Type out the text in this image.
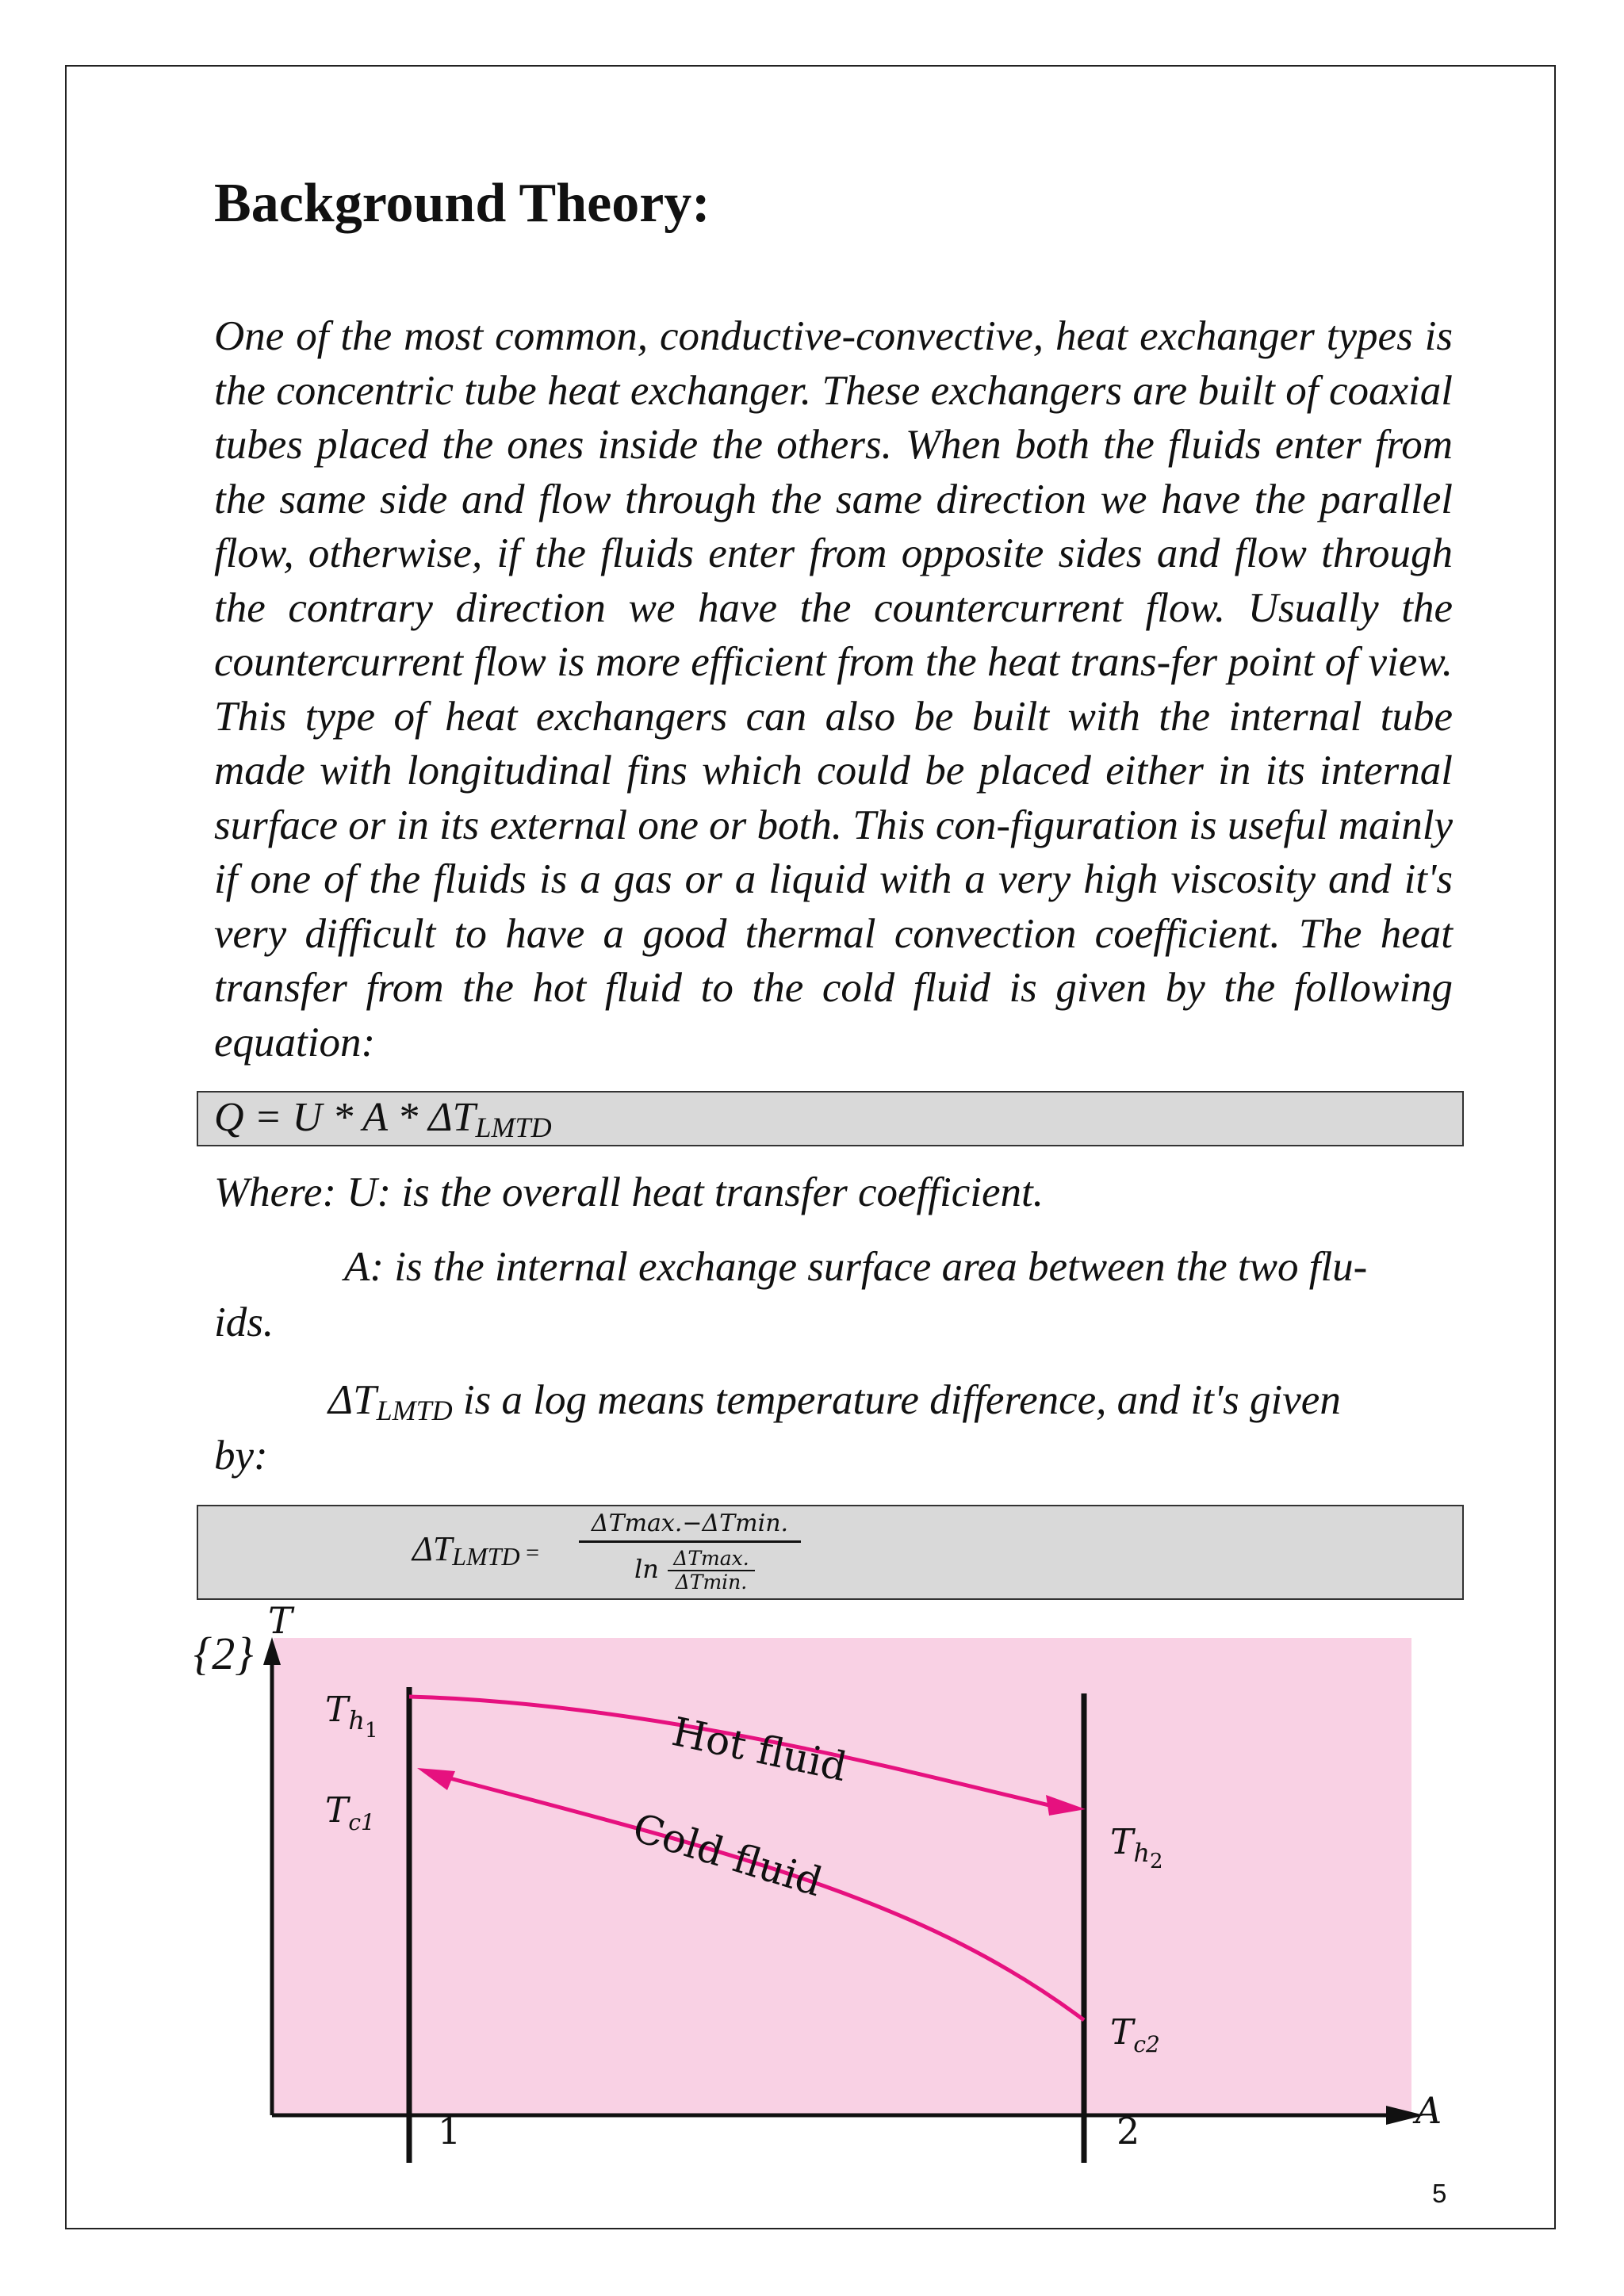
Background Theory:

One of the most common, conductive-convective, heat exchanger types is the concentric tube heat exchanger. These exchangers are built of coaxial tubes placed the ones inside the others. When both the fluids enter from the same side and flow through the same direction we have the parallel flow, otherwise, if the fluids enter from opposite sides and flow through the contrary direction we have the countercurrent flow. Usually the countercurrent flow is more efficient from the heat trans-fer point of view. This type of heat exchangers can also be built with the internal tube made with longitudinal fins which could be placed either in its internal surface or in its external one or both. This con-figuration is useful mainly if one of the fluids is a gas or a liquid with a very high viscosity and it's very difficult to have a good thermal convection coefficient. The heat transfer from the hot fluid to the cold fluid is given by the following equation:

$Q = U * A * \Delta T_{LMTD}$

Where: U: is the overall heat transfer coefficient.

A: is the internal exchange surface area between the two flu-

ids.

$\Delta T_{LMTD}$ is a log means temperature difference, and it's given

by:

$\Delta T_{LMTD}$ =
ΔTmax.−ΔTmin.
ln ΔTmax.
ΔTmin.
{2}
A
T
$T_{h1}$
$T_{c1}$	$T_h2$
$T_{c2}$
Hot fluid
Cold fluid
1	2
5
